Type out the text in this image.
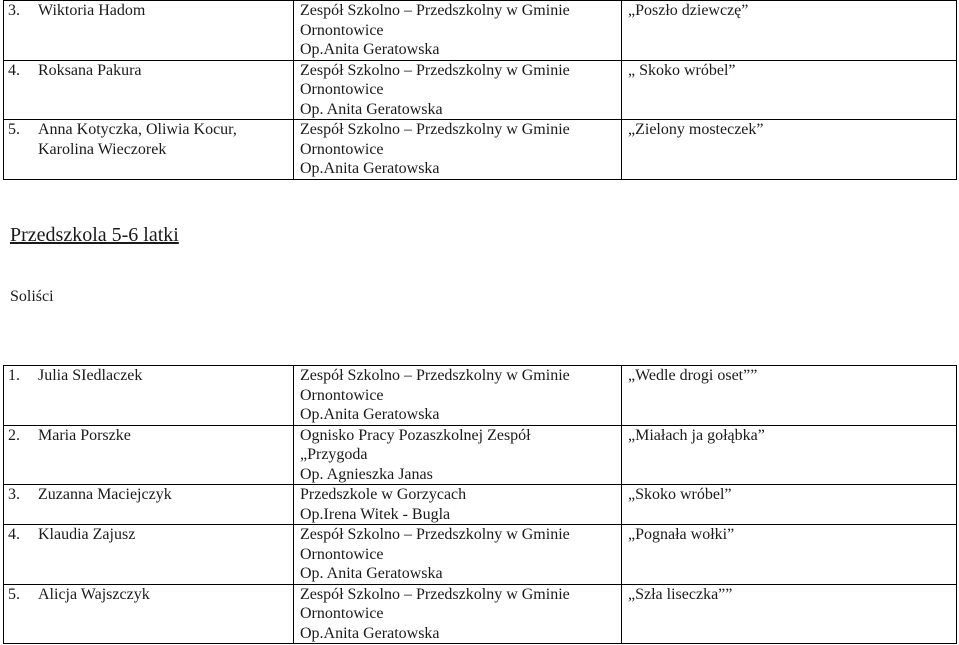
3. Wiktoria Hadom	Zespół Szkolno – Przedszkolny w Gminie
Ornontowice
Op.Anita Geratowska	„Poszło dziewczę”

4. Roksana Pakura	Zespół Szkolno – Przedszkolny w Gminie
Ornontowice
Op. Anita Geratowska	„ Skoko wróbel”

5. Anna Kotyczka, Oliwia Kocur,
Karolina Wieczorek	Zespół Szkolno – Przedszkolny w Gminie
Ornontowice
Op.Anita Geratowska	„Zielony mosteczek”
Przedszkola 5-6 latki
Soliści
1. Julia SIedlaczek	Zespół Szkolno – Przedszkolny w Gminie
Ornontowice
Op.Anita Geratowska	„Wedle drogi oset””

2. Maria Porszke	Ognisko Pracy Pozaszkolnej Zespół
„Przygoda
Op. Agnieszka Janas	„Miałach ja gołąbka”

3. Zuzanna Maciejczyk	Przedszkole w Gorzycach
Op.Irena Witek - Bugla	„Skoko wróbel”

4. Klaudia Zajusz	Zespół Szkolno – Przedszkolny w Gminie
Ornontowice
Op. Anita Geratowska	„Pognała wołki”

5. Alicja Wajszczyk	Zespół Szkolno – Przedszkolny w Gminie
Ornontowice
Op.Anita Geratowska	„Szła liseczka””
